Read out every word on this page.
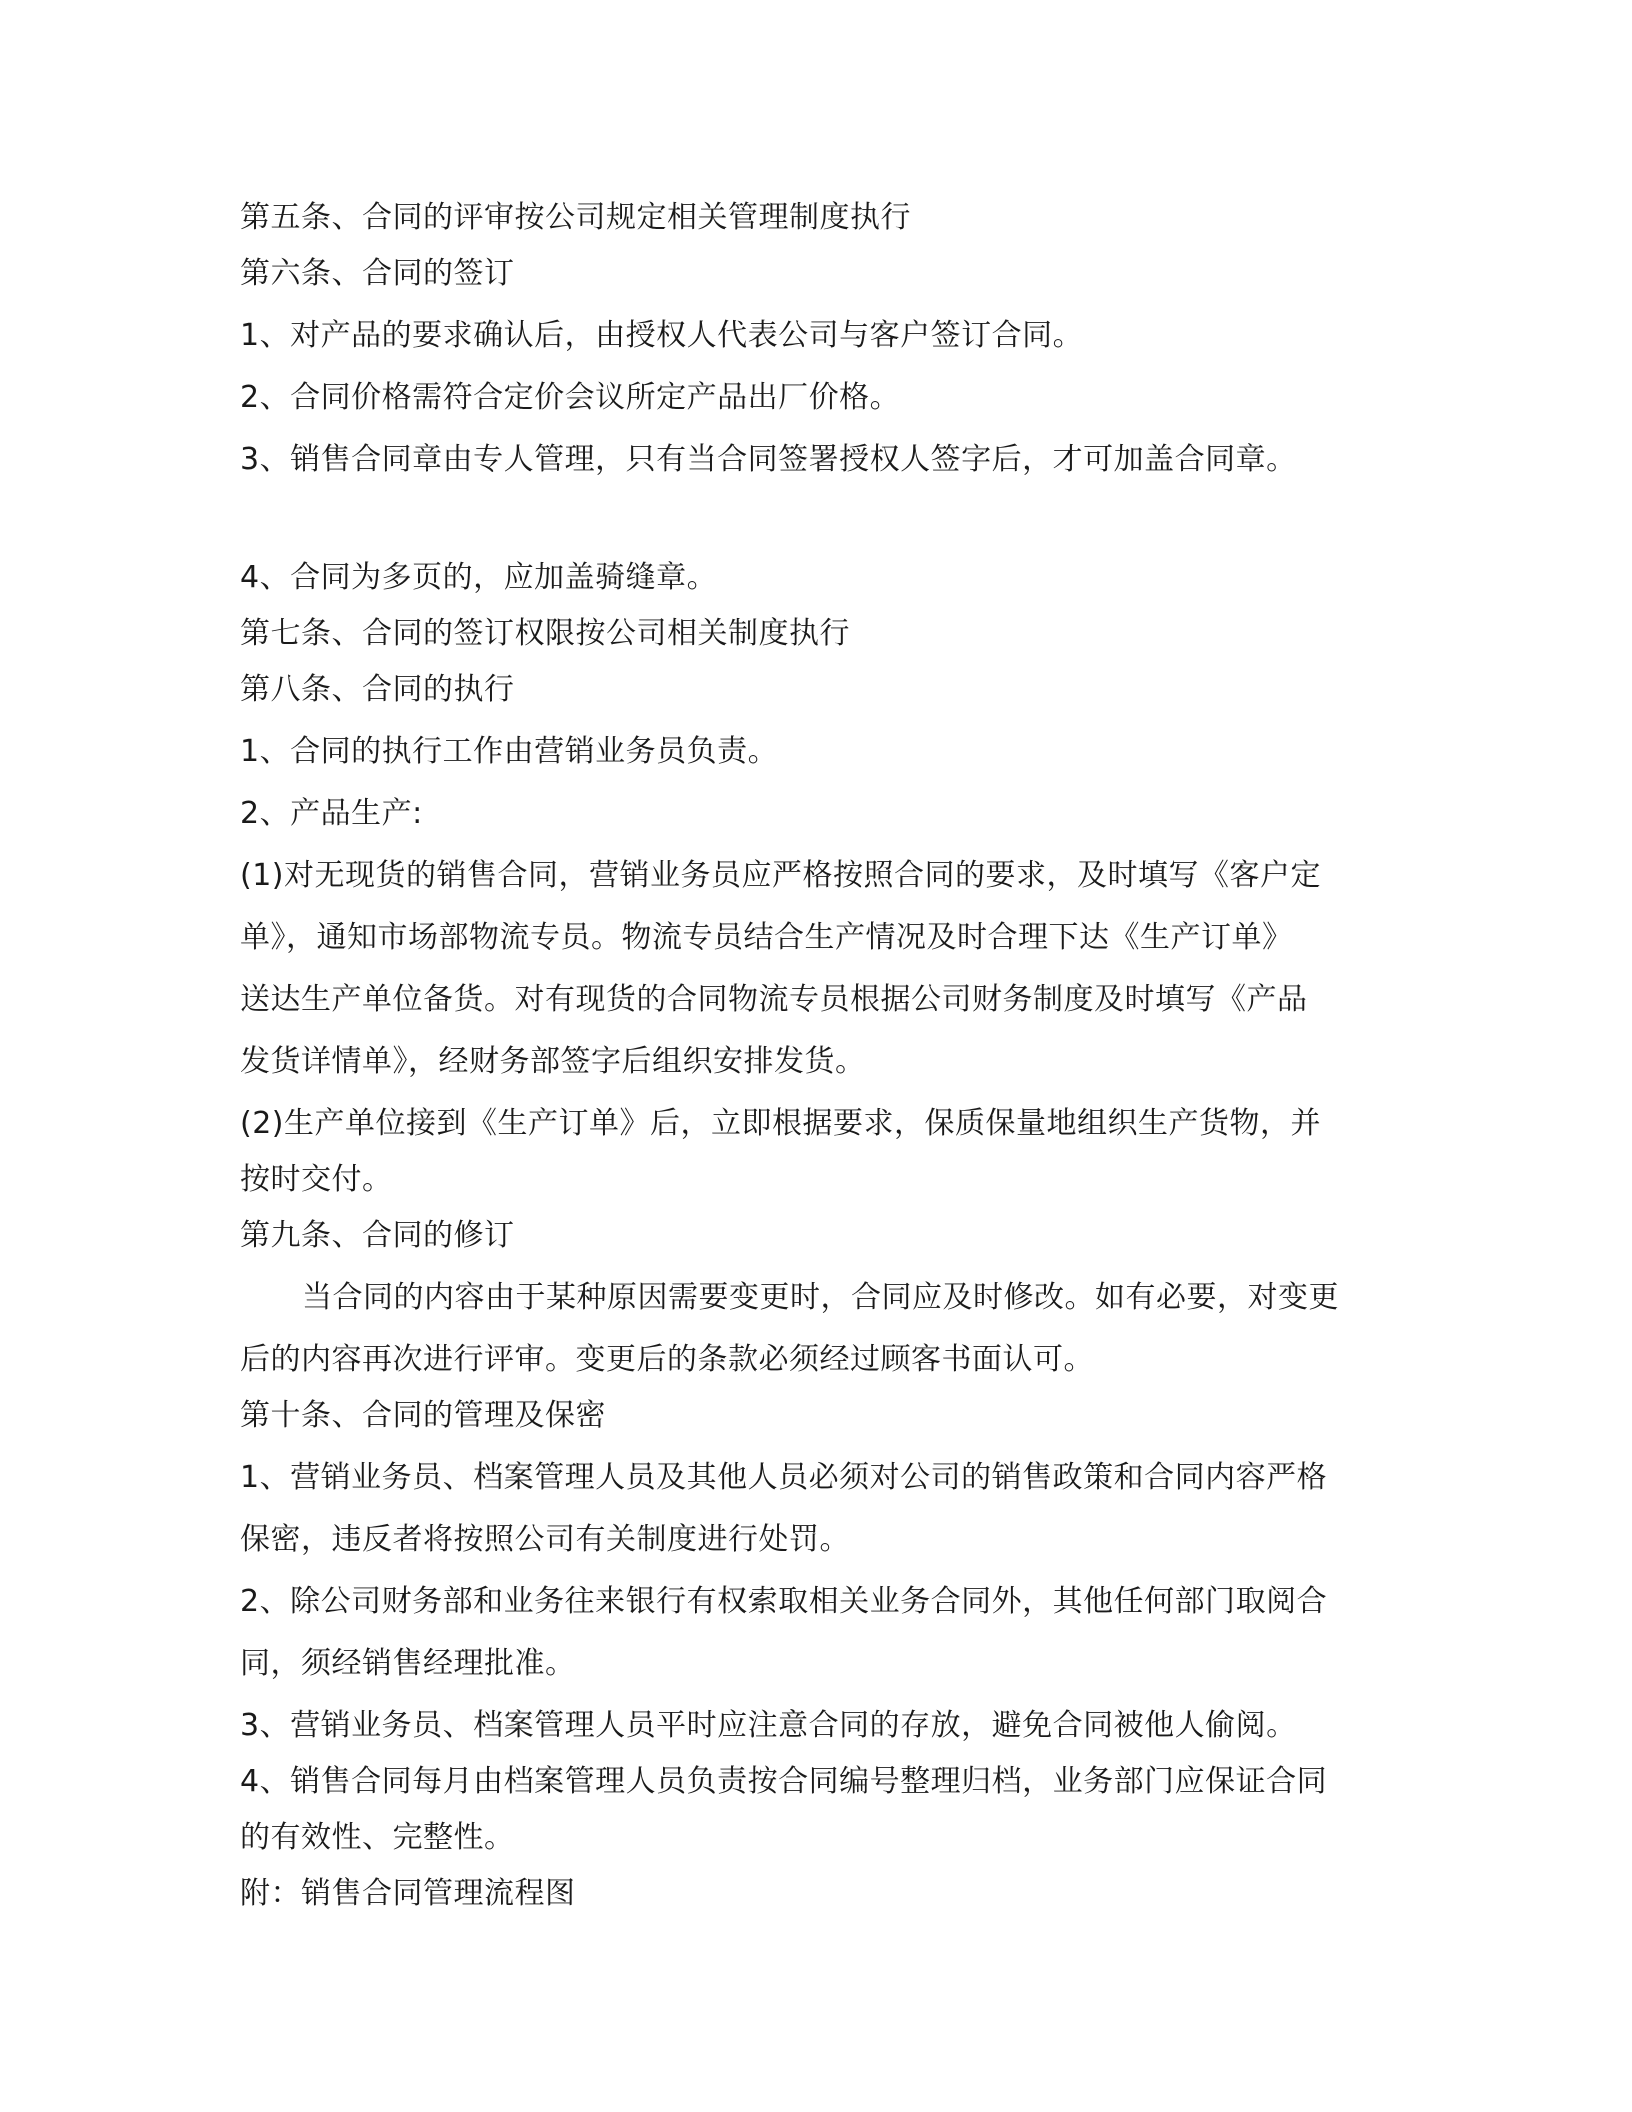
第五条、合同的评审按公司规定相关管理制度执行
第六条、合同的签订
1、对产品的要求确认后，由授权人代表公司与客户签订合同。
2、合同价格需符合定价会议所定产品出厂价格。
3、销售合同章由专人管理，只有当合同签署授权人签字后，才可加盖合同章。
4、合同为多页的，应加盖骑缝章。
第七条、合同的签订权限按公司相关制度执行
第八条、合同的执行
1、合同的执行工作由营销业务员负责。
2、产品生产:
(1)对无现货的销售合同，营销业务员应严格按照合同的要求，及时填写《客户定
单》，通知市场部物流专员。物流专员结合生产情况及时合理下达《生产订单》
送达生产单位备货。对有现货的合同物流专员根据公司财务制度及时填写《产品
发货详情单》，经财务部签字后组织安排发货。
(2)生产单位接到《生产订单》后，立即根据要求，保质保量地组织生产货物，并
按时交付。
第九条、合同的修订
当合同的内容由于某种原因需要变更时，合同应及时修改。如有必要，对变更
后的内容再次进行评审。变更后的条款必须经过顾客书面认可。
第十条、合同的管理及保密
1、营销业务员、档案管理人员及其他人员必须对公司的销售政策和合同内容严格
保密，违反者将按照公司有关制度进行处罚。
2、除公司财务部和业务往来银行有权索取相关业务合同外，其他任何部门取阅合
同，须经销售经理批准。
3、营销业务员、档案管理人员平时应注意合同的存放，避免合同被他人偷阅。
4、销售合同每月由档案管理人员负责按合同编号整理归档，业务部门应保证合同
的有效性、完整性。
附：销售合同管理流程图
